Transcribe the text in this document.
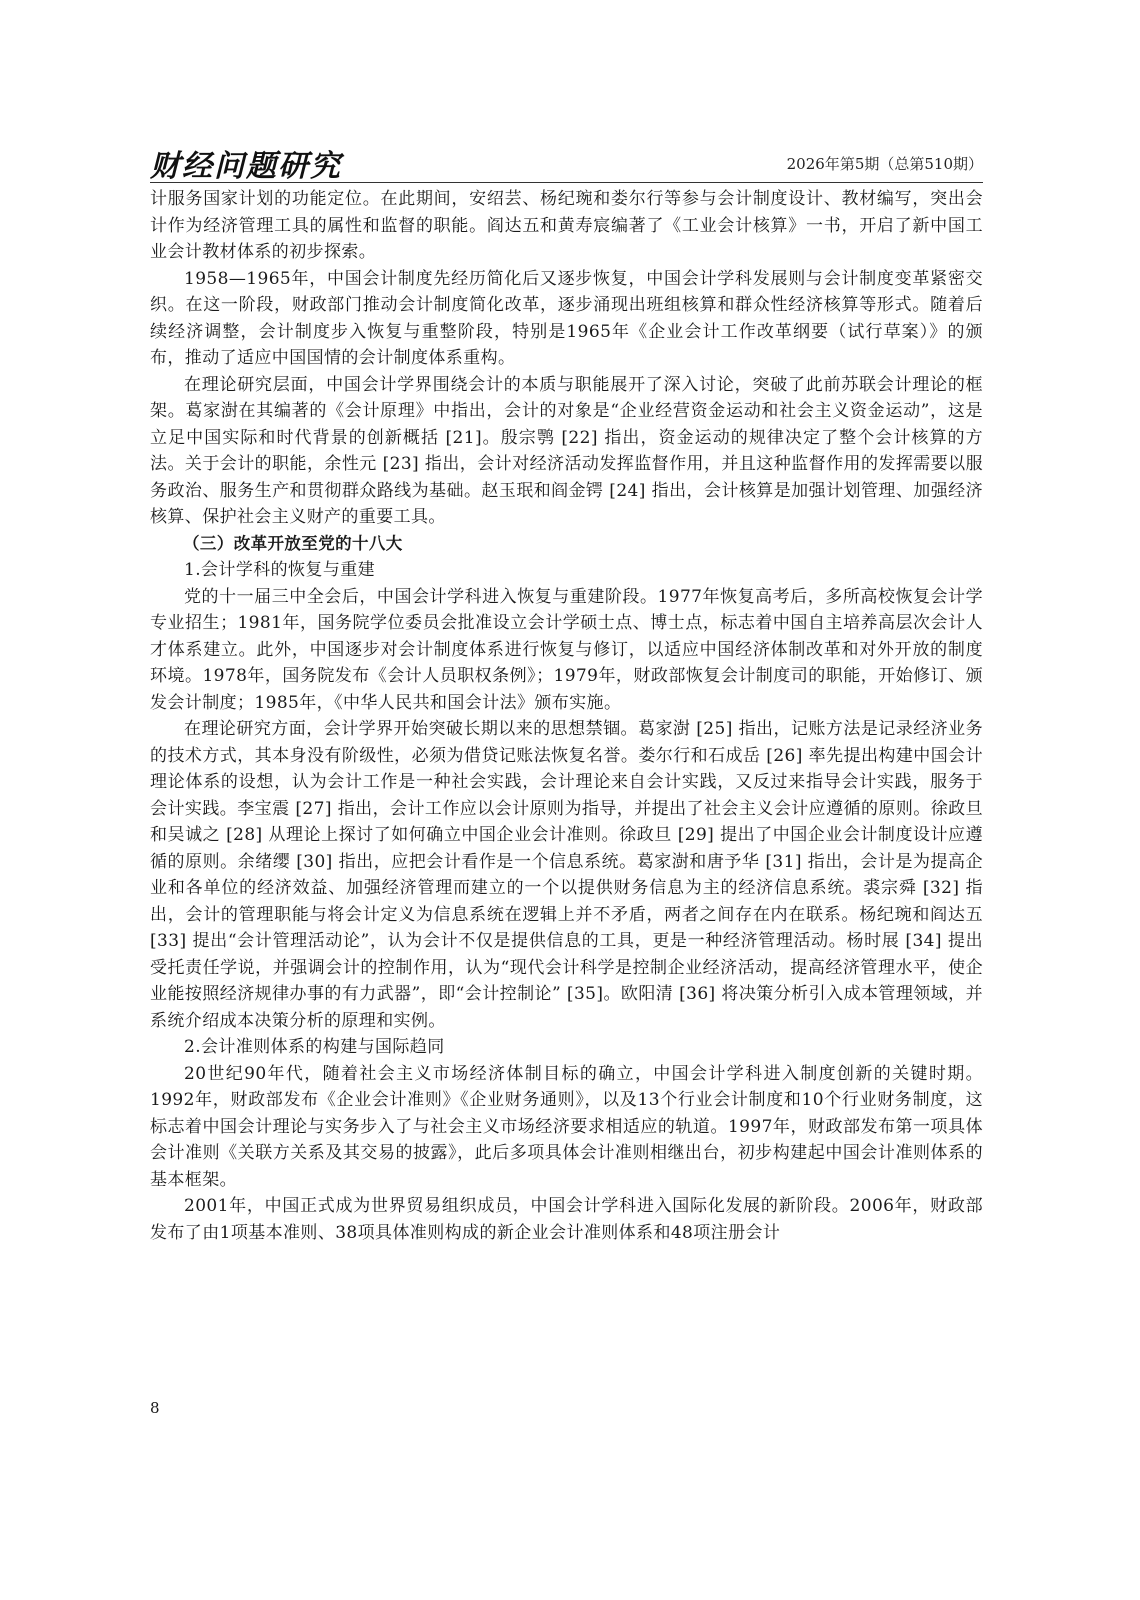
财经问题研究	2026年第5期（总第510期）

计服务国家计划的功能定位。在此期间，安绍芸、杨纪琬和娄尔行等参与会计制度设计、教材编写，突出会计作为经济管理工具的属性和监督的职能。阎达五和黄寿宸编著了《工业会计核算》一书，开启了新中国工业会计教材体系的初步探索。

1958—1965年，中国会计制度先经历简化后又逐步恢复，中国会计学科发展则与会计制度变革紧密交织。在这一阶段，财政部门推动会计制度简化改革，逐步涌现出班组核算和群众性经济核算等形式。随着后续经济调整，会计制度步入恢复与重整阶段，特别是1965年《企业会计工作改革纲要（试行草案）》的颁布，推动了适应中国国情的会计制度体系重构。

在理论研究层面，中国会计学界围绕会计的本质与职能展开了深入讨论，突破了此前苏联会计理论的框架。葛家澍在其编著的《会计原理》中指出，会计的对象是“企业经营资金运动和社会主义资金运动”，这是立足中国实际和时代背景的创新概括 [21]。殷宗鹗 [22] 指出，资金运动的规律决定了整个会计核算的方法。关于会计的职能，余性元 [23] 指出，会计对经济活动发挥监督作用，并且这种监督作用的发挥需要以服务政治、服务生产和贯彻群众路线为基础。赵玉珉和阎金锷 [24] 指出，会计核算是加强计划管理、加强经济核算、保护社会主义财产的重要工具。

（三）改革开放至党的十八大

1.会计学科的恢复与重建

党的十一届三中全会后，中国会计学科进入恢复与重建阶段。1977年恢复高考后，多所高校恢复会计学专业招生；1981年，国务院学位委员会批准设立会计学硕士点、博士点，标志着中国自主培养高层次会计人才体系建立。此外，中国逐步对会计制度体系进行恢复与修订，以适应中国经济体制改革和对外开放的制度环境。1978年，国务院发布《会计人员职权条例》；1979年，财政部恢复会计制度司的职能，开始修订、颁发会计制度；1985年，《中华人民共和国会计法》颁布实施。

在理论研究方面，会计学界开始突破长期以来的思想禁锢。葛家澍 [25] 指出，记账方法是记录经济业务的技术方式，其本身没有阶级性，必须为借贷记账法恢复名誉。娄尔行和石成岳 [26] 率先提出构建中国会计理论体系的设想，认为会计工作是一种社会实践，会计理论来自会计实践，又反过来指导会计实践，服务于会计实践。李宝震 [27] 指出，会计工作应以会计原则为指导，并提出了社会主义会计应遵循的原则。徐政旦和吴诚之 [28] 从理论上探讨了如何确立中国企业会计准则。徐政旦 [29] 提出了中国企业会计制度设计应遵循的原则。余绪缨 [30] 指出，应把会计看作是一个信息系统。葛家澍和唐予华 [31] 指出，会计是为提高企业和各单位的经济效益、加强经济管理而建立的一个以提供财务信息为主的经济信息系统。裘宗舜 [32] 指出，会计的管理职能与将会计定义为信息系统在逻辑上并不矛盾，两者之间存在内在联系。杨纪琬和阎达五 [33] 提出“会计管理活动论”，认为会计不仅是提供信息的工具，更是一种经济管理活动。杨时展 [34] 提出受托责任学说，并强调会计的控制作用，认为“现代会计科学是控制企业经济活动，提高经济管理水平，使企业能按照经济规律办事的有力武器”，即“会计控制论” [35]。欧阳清 [36] 将决策分析引入成本管理领域，并系统介绍成本决策分析的原理和实例。

2.会计准则体系的构建与国际趋同

20世纪90年代，随着社会主义市场经济体制目标的确立，中国会计学科进入制度创新的关键时期。1992年，财政部发布《企业会计准则》《企业财务通则》，以及13个行业会计制度和10个行业财务制度，这标志着中国会计理论与实务步入了与社会主义市场经济要求相适应的轨道。1997年，财政部发布第一项具体会计准则《关联方关系及其交易的披露》，此后多项具体会计准则相继出台，初步构建起中国会计准则体系的基本框架。

2001年，中国正式成为世界贸易组织成员，中国会计学科进入国际化发展的新阶段。2006年，财政部发布了由1项基本准则、38项具体准则构成的新企业会计准则体系和48项注册会计

8
